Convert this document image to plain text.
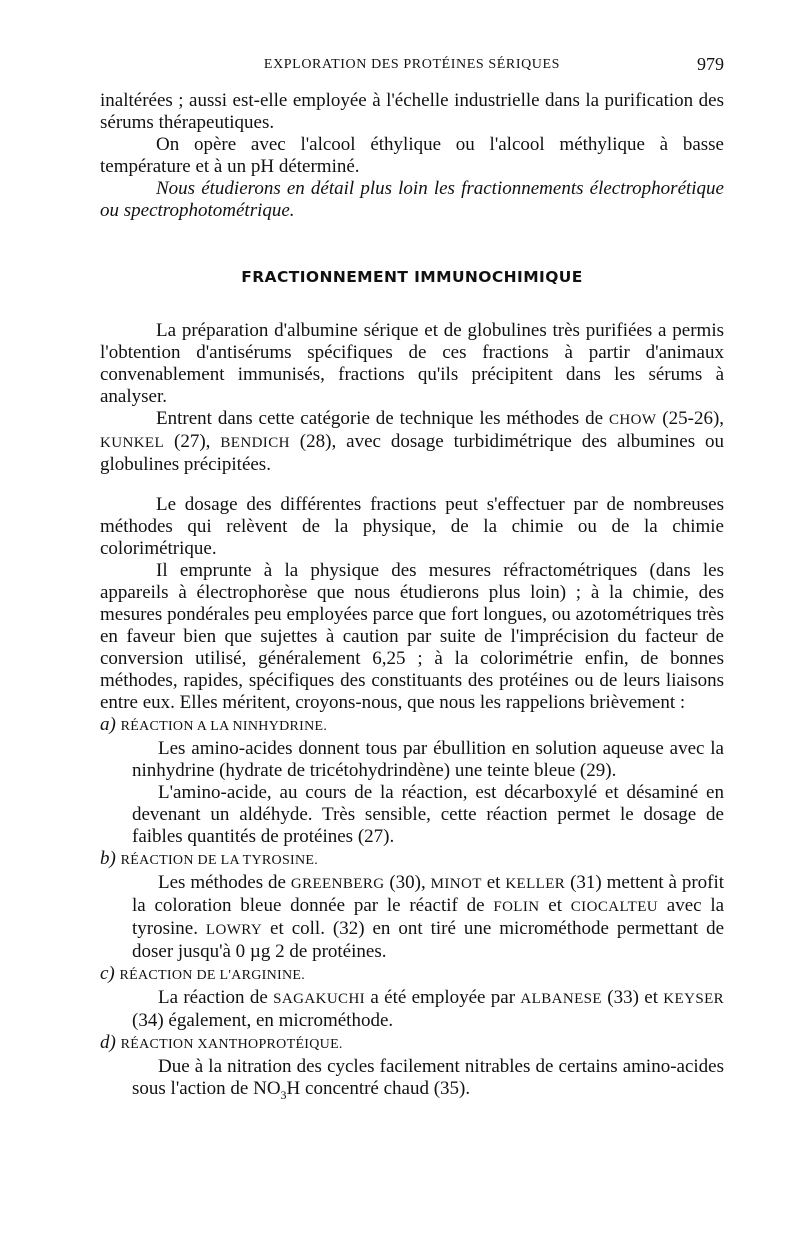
EXPLORATION DES PROTÉINES SÉRIQUES	979

inaltérées ; aussi est-elle employée à l'échelle industrielle dans la purification des sérums thérapeutiques.

On opère avec l'alcool éthylique ou l'alcool méthylique à basse température et à un pH déterminé.

Nous étudierons en détail plus loin les fractionnements électrophorétique ou spectrophotométrique.

FRACTIONNEMENT IMMUNOCHIMIQUE

La préparation d'albumine sérique et de globulines très purifiées a permis l'obtention d'antisérums spécifiques de ces fractions à partir d'animaux convenablement immunisés, fractions qu'ils précipitent dans les sérums à analyser.

Entrent dans cette catégorie de technique les méthodes de CHOW (25-26), KUNKEL (27), BENDICH (28), avec dosage turbidimétrique des albumines ou globulines précipitées.

Le dosage des différentes fractions peut s'effectuer par de nombreuses méthodes qui relèvent de la physique, de la chimie ou de la chimie colorimétrique.

Il emprunte à la physique des mesures réfractométriques (dans les appareils à électrophorèse que nous étudierons plus loin) ; à la chimie, des mesures pondérales peu employées parce que fort longues, ou azotométriques très en faveur bien que sujettes à caution par suite de l'imprécision du facteur de conversion utilisé, généralement 6,25 ; à la colorimétrie enfin, de bonnes méthodes, rapides, spécifiques des constituants des protéines ou de leurs liaisons entre eux. Elles méritent, croyons-nous, que nous les rappelions brièvement :

a) RÉACTION A LA NINHYDRINE.

Les amino-acides donnent tous par ébullition en solution aqueuse avec la ninhydrine (hydrate de tricétohydrindène) une teinte bleue (29).

L'amino-acide, au cours de la réaction, est décarboxylé et désaminé en devenant un aldéhyde. Très sensible, cette réaction permet le dosage de faibles quantités de protéines (27).

b) RÉACTION DE LA TYROSINE.

Les méthodes de GREENBERG (30), MINOT et KELLER (31) mettent à profit la coloration bleue donnée par le réactif de FOLIN et CIOCALTEU avec la tyrosine. LOWRY et coll. (32) en ont tiré une microméthode permettant de doser jusqu'à 0 µg 2 de protéines.

c) RÉACTION DE L'ARGININE.

La réaction de SAGAKUCHI a été employée par ALBANESE (33) et KEYSER (34) également, en microméthode.

d) RÉACTION XANTHOPROTÉIQUE.

Due à la nitration des cycles facilement nitrables de certains amino-acides sous l'action de $NO_3H$ concentré chaud (35).
